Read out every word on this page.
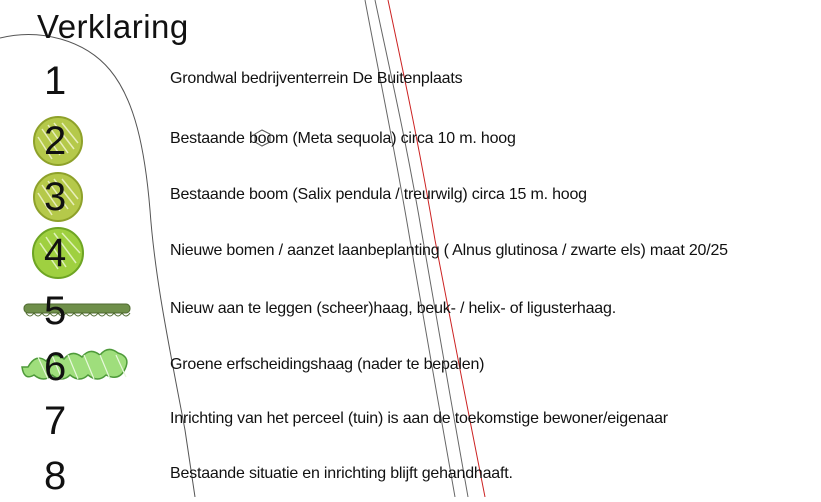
Verklaring
1	Grondwal bedrijventerrein De Buitenplaats
2	Bestaande boom (Meta sequola) circa 10 m. hoog
3	Bestaande boom (Salix pendula / treurwilg) circa 15 m. hoog
4	Nieuwe bomen / aanzet laanbeplanting ( Alnus glutinosa / zwarte els) maat 20/25
5	Nieuw aan te leggen (scheer)haag, beuk- / helix- of ligusterhaag.
6	Groene erfscheidingshaag (nader te bepalen)
7	Inrichting van het perceel (tuin) is aan de toekomstige bewoner/eigenaar
8	Bestaande situatie en inrichting blijft gehandhaaft.
